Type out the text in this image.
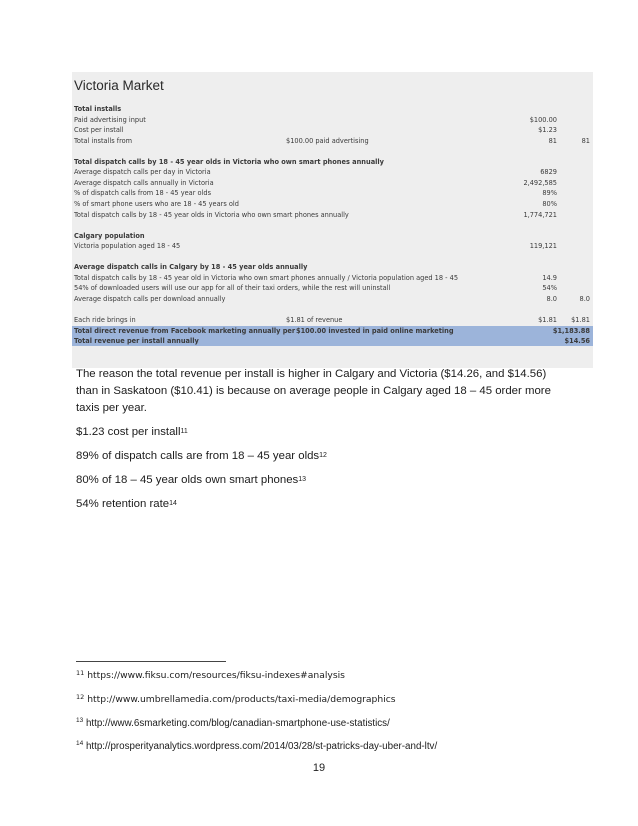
Victoria Market
Total installs
Paid advertising input	$100.00
Cost per install	$1.23
Total installs from	$100.00 paid advertising	81	81
Total dispatch calls by 18 - 45 year olds in Victoria who own smart phones annually
Average dispatch calls per day in Victoria	6829
Average dispatch calls annually in Victoria	2,492,585
% of dispatch calls from 18 - 45 year olds	89%
% of smart phone users who are 18 - 45 years old	80%
Total dispatch calls by 18 - 45 year olds in Victoria who own smart phones annually	1,774,721
Calgary population
Victoria population aged 18 - 45	119,121
Average dispatch calls in Calgary by 18 - 45 year olds annually
Total dispatch calls by 18 - 45 year old in Victoria who own smart phones annually / Victoria population aged 18 - 45	14.9
54% of downloaded users will use our app for all of their taxi orders, while the rest will uninstall	54%
Average dispatch calls per download annually	8.0	8.0
Each ride brings in	$1.81 of revenue	$1.81 $1.81
Total direct revenue from Facebook marketing annually per $100.00 invested in paid online marketing	$1,183.88
Total revenue per install annually	$14.56
The reason the total revenue per install is higher in Calgary and Victoria ($14.26, and $14.56)
than in Saskatoon ($10.41) is because on average people in Calgary aged 18 – 45 order more
taxis per year.
$1.23 cost per install$^{11}$
89% of dispatch calls are from 18 – 45 year olds$^{12}$
80% of 18 – 45 year olds own smart phones$^{13}$
54% retention rate$^{14}$
$^{11}$ https://www.fiksu.com/resources/fiksu-indexes#analysis
$^{12}$ http://www.umbrellamedia.com/products/taxi-media/demographics
$^{13}$ http://www.6smarketing.com/blog/canadian-smartphone-use-statistics/
$^{14}$ http://prosperityanalytics.wordpress.com/2014/03/28/st-patricks-day-uber-and-ltv/
19
